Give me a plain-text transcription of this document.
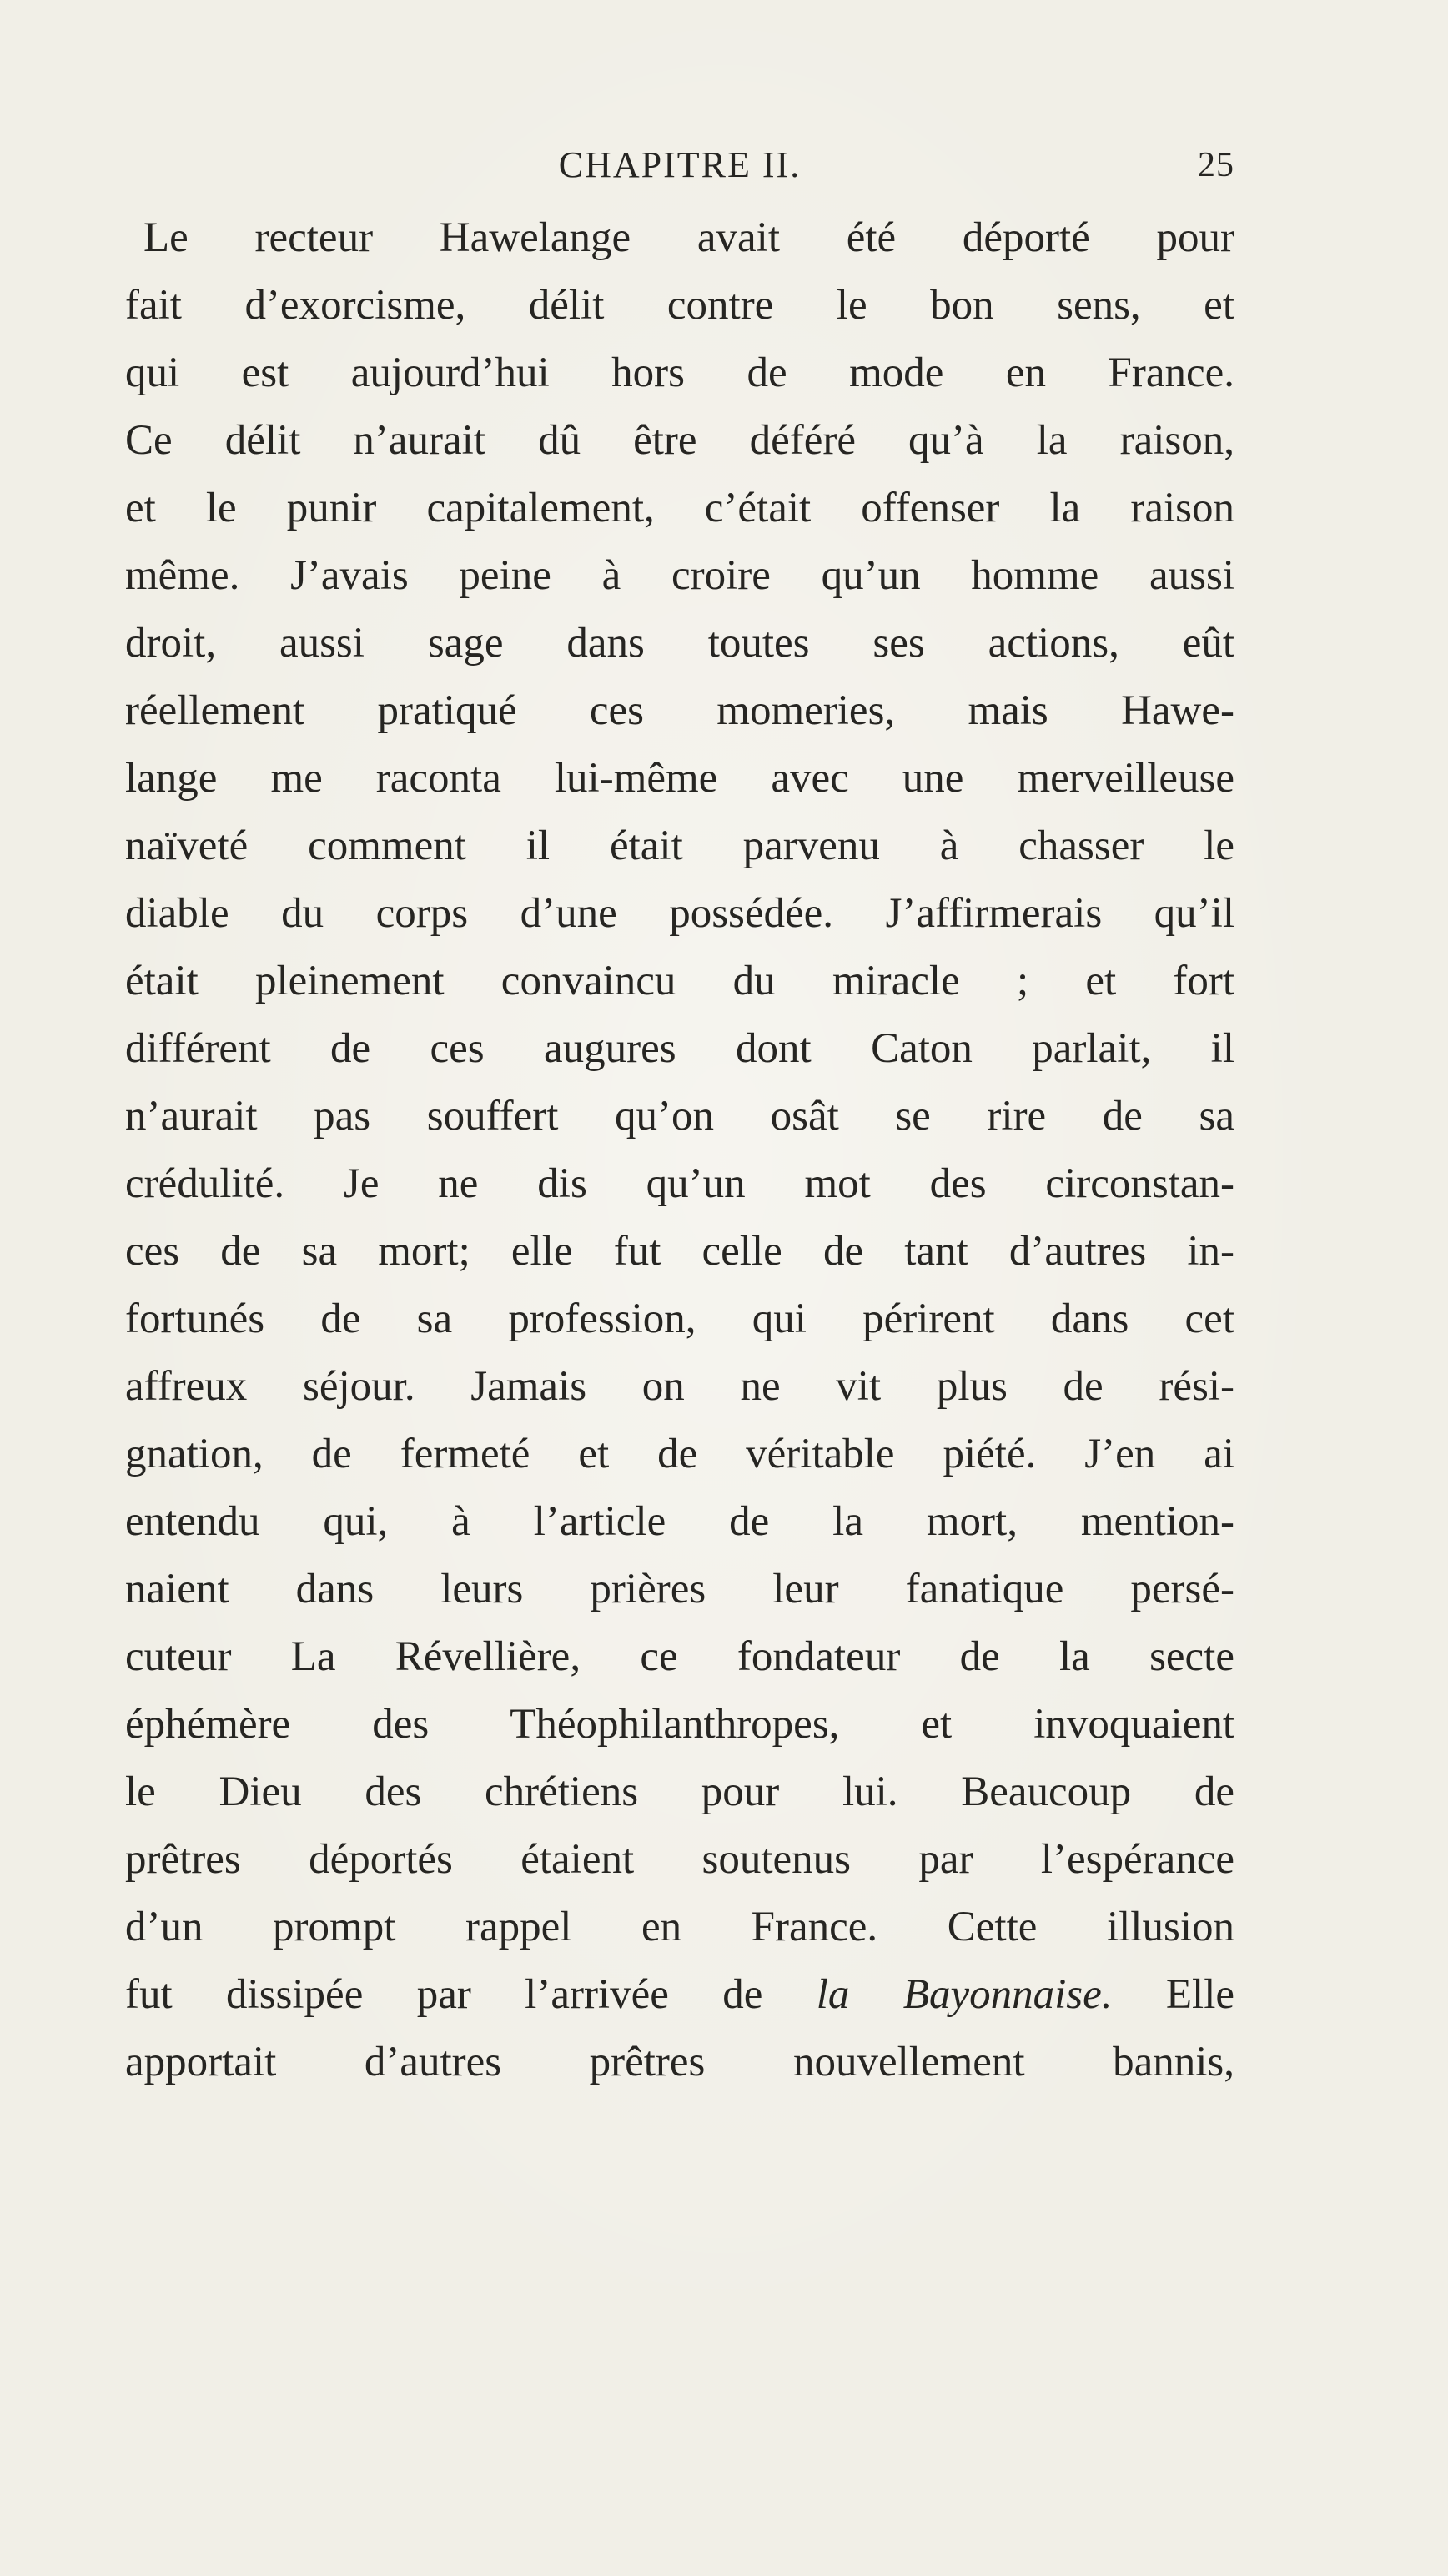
CHAPITRE II.	25
Le recteur Hawelange avait été déporté pour
fait d’exorcisme, délit contre le bon sens, et
qui est aujourd’hui hors de mode en France.
Ce délit n’aurait dû être déféré qu’à la raison,
et le punir capitalement, c’était offenser la raison
même. J’avais peine à croire qu’un homme aussi
droit, aussi sage dans toutes ses actions, eût
réellement pratiqué ces momeries, mais Hawe-
lange me raconta lui-même avec une merveilleuse
naïveté comment il était parvenu à chasser le
diable du corps d’une possédée. J’affirmerais qu’il
était pleinement convaincu du miracle ; et fort
différent de ces augures dont Caton parlait, il
n’aurait pas souffert qu’on osât se rire de sa
crédulité. Je ne dis qu’un mot des circonstan-
ces de sa mort; elle fut celle de tant d’autres in-
fortunés de sa profession, qui périrent dans cet
affreux séjour. Jamais on ne vit plus de rési-
gnation, de fermeté et de véritable piété. J’en ai
entendu qui, à l’article de la mort, mention-
naient dans leurs prières leur fanatique persé-
cuteur La Révellière, ce fondateur de la secte
éphémère des Théophilanthropes, et invoquaient
le Dieu des chrétiens pour lui. Beaucoup de
prêtres déportés étaient soutenus par l’espérance
d’un prompt rappel en France. Cette illusion
fut dissipée par l’arrivée de la Bayonnaise. Elle
apportait d’autres prêtres nouvellement bannis,
